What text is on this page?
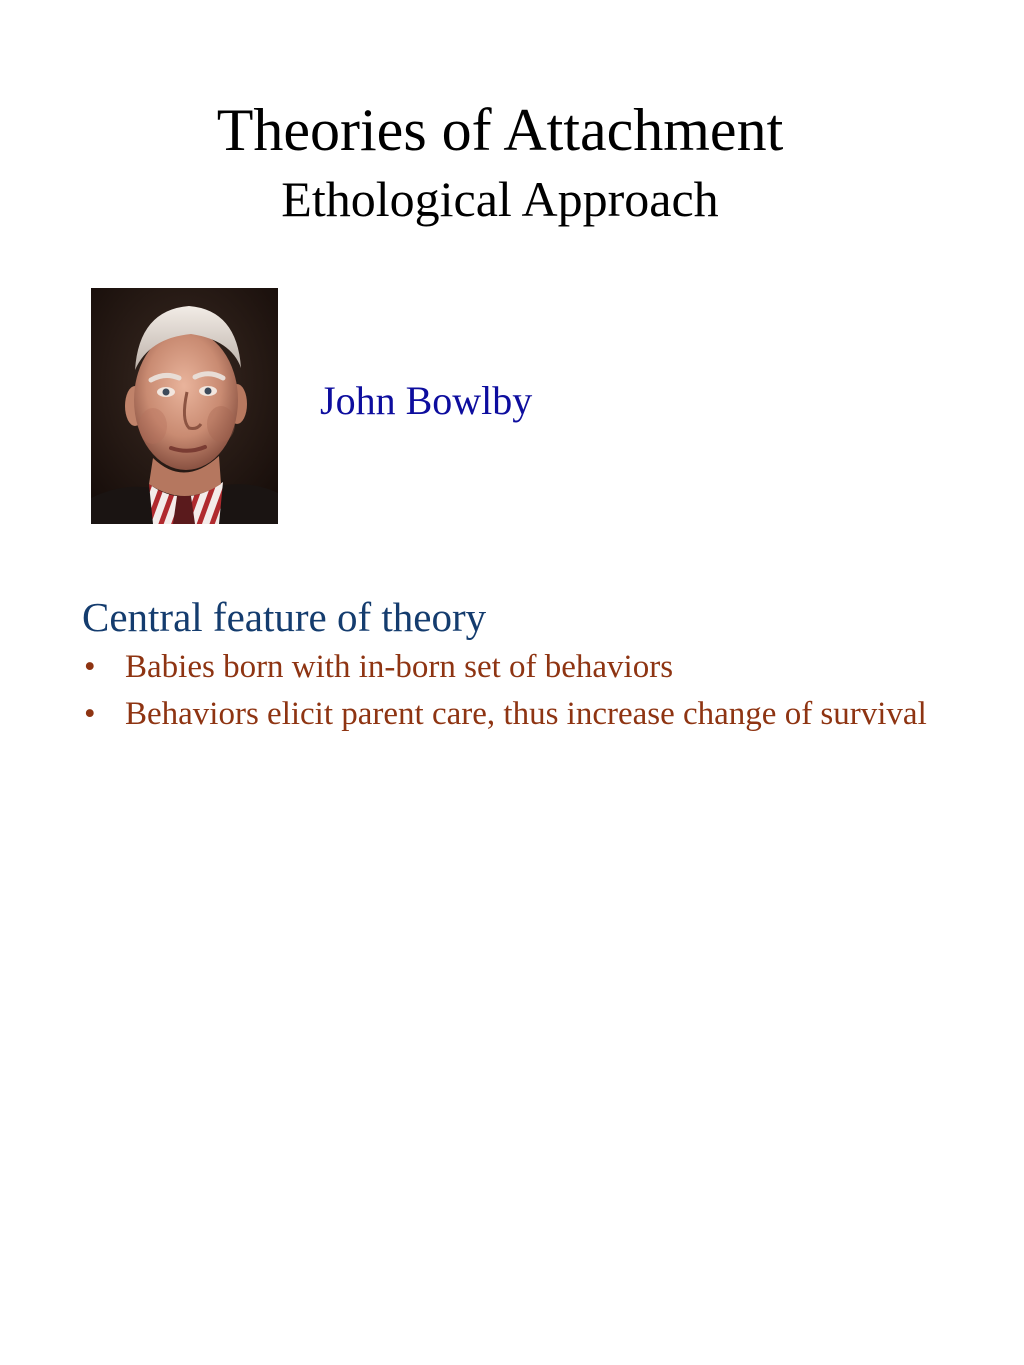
Theories of Attachment
Ethological Approach
John Bowlby
Central feature of theory
• Babies born with in-born set of behaviors
• Behaviors elicit parent care, thus increase change of survival
